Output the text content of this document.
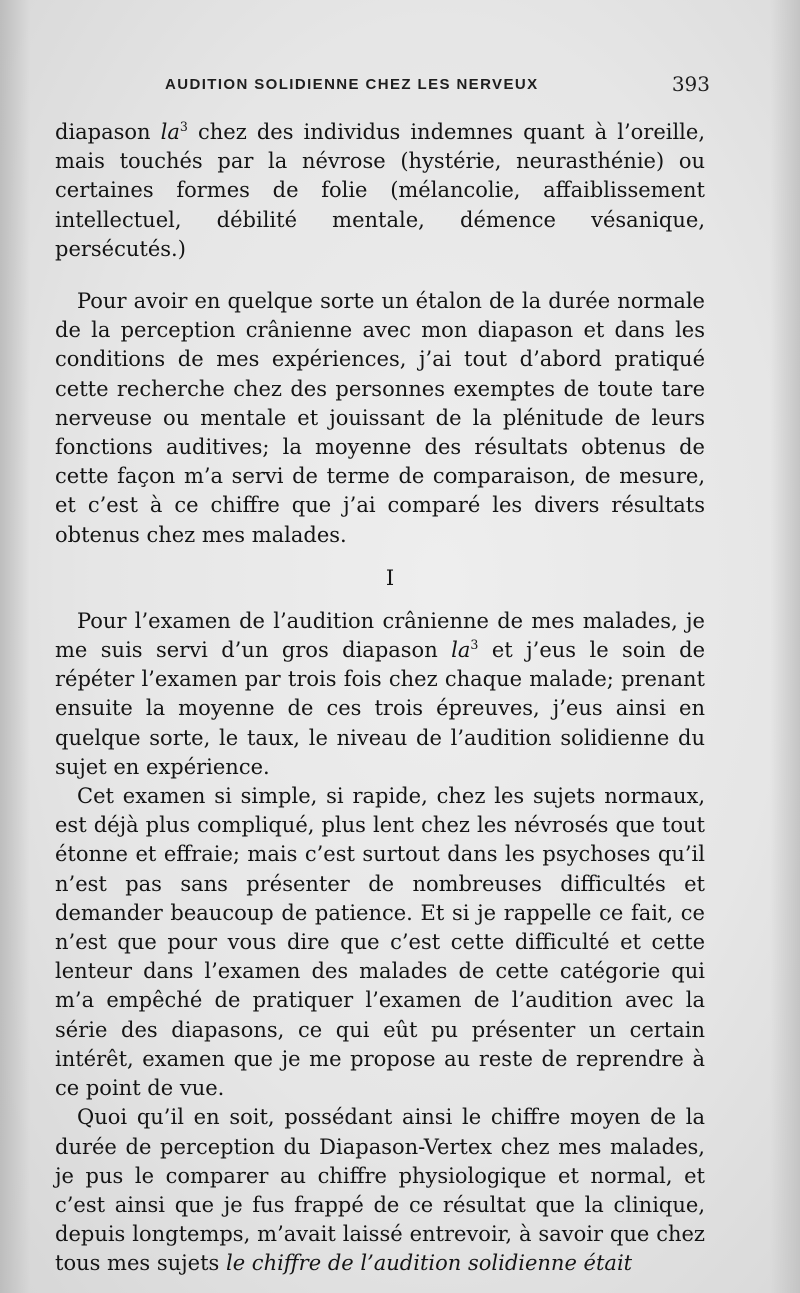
AUDITION SOLIDIENNE CHEZ LES NERVEUX	393

diapason $la^3$ chez des individus indemnes quant à l’oreille, mais touchés par la névrose (hystérie, neurasthénie) ou certaines formes de folie (mélancolie, affaiblissement intellectuel, débilité mentale, démence vésanique, persécutés.)

Pour avoir en quelque sorte un étalon de la durée normale de la perception crânienne avec mon diapason et dans les conditions de mes expériences, j’ai tout d’abord pratiqué cette recherche chez des personnes exemptes de toute tare nerveuse ou mentale et jouissant de la plénitude de leurs fonctions auditives; la moyenne des résultats obtenus de cette façon m’a servi de terme de comparaison, de mesure, et c’est à ce chiffre que j’ai comparé les divers résultats obtenus chez mes malades.

I

Pour l’examen de l’audition crânienne de mes malades, je me suis servi d’un gros diapason $la^3$ et j’eus le soin de répéter l’examen par trois fois chez chaque malade; prenant ensuite la moyenne de ces trois épreuves, j’eus ainsi en quelque sorte, le taux, le niveau de l’audition solidienne du sujet en expérience.

Cet examen si simple, si rapide, chez les sujets normaux, est déjà plus compliqué, plus lent chez les névrosés que tout étonne et effraie; mais c’est surtout dans les psychoses qu’il n’est pas sans présenter de nombreuses difficultés et demander beaucoup de patience. Et si je rappelle ce fait, ce n’est que pour vous dire que c’est cette difficulté et cette lenteur dans l’examen des malades de cette catégorie qui m’a empêché de pratiquer l’examen de l’audition avec la série des diapasons, ce qui eût pu présenter un certain intérêt, examen que je me propose au reste de reprendre à ce point de vue.

Quoi qu’il en soit, possédant ainsi le chiffre moyen de la durée de perception du Diapason-Vertex chez mes malades, je pus le comparer au chiffre physiologique et normal, et c’est ainsi que je fus frappé de ce résultat que la clinique, depuis longtemps, m’avait laissé entrevoir, à savoir que chez tous mes sujets le chiffre de l’audition solidienne était
